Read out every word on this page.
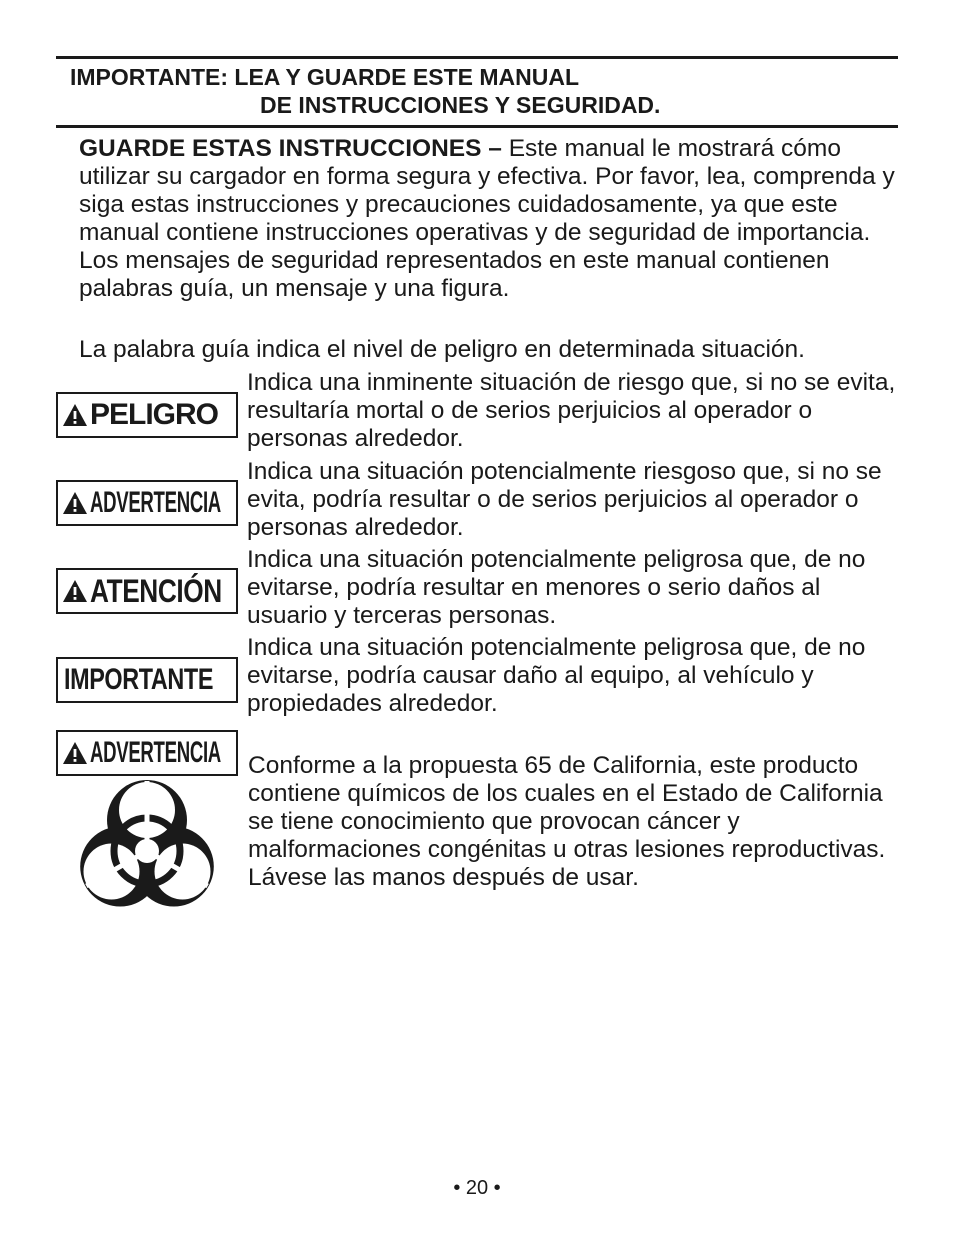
IMPORTANTE: LEA Y GUARDE ESTE MANUAL
DE INSTRUCCIONES Y SEGURIDAD.
GUARDE ESTAS INSTRUCCIONES – Este manual le mostrará cómo utilizar su cargador en forma segura y efectiva. Por favor, lea, comprenda y siga estas instrucciones y precauciones cuidadosamente, ya que este manual contiene instrucciones operativas y de seguridad de importancia. Los mensajes de seguridad representados en este manual contienen palabras guía, un mensaje y una figura.
La palabra guía indica el nivel de peligro en determinada situación.
PELIGRO
Indica una inminente situación de riesgo que, si no se evita, resultaría mortal o de serios perjuicios al operador o personas alrededor.
ADVERTENCIA
Indica una situación potencialmente riesgoso que, si no se evita, podría resultar o de serios perjuicios al operador o personas alrededor.
ATENCIÓN
Indica una situación potencialmente peligrosa que, de no evitarse, podría resultar en menores o serio daños al usuario y terceras personas.
IMPORTANTE
Indica una situación potencialmente peligrosa que, de no evitarse, podría causar daño al equipo, al vehículo y propiedades alrededor.
ADVERTENCIA Conforme a la propuesta 65 de California, este producto contiene químicos de los cuales en el Estado de California se tiene conocimiento que provocan cáncer y malformaciones congénitas u otras lesiones reproductivas. Lávese las manos después de usar.
• 20 •
